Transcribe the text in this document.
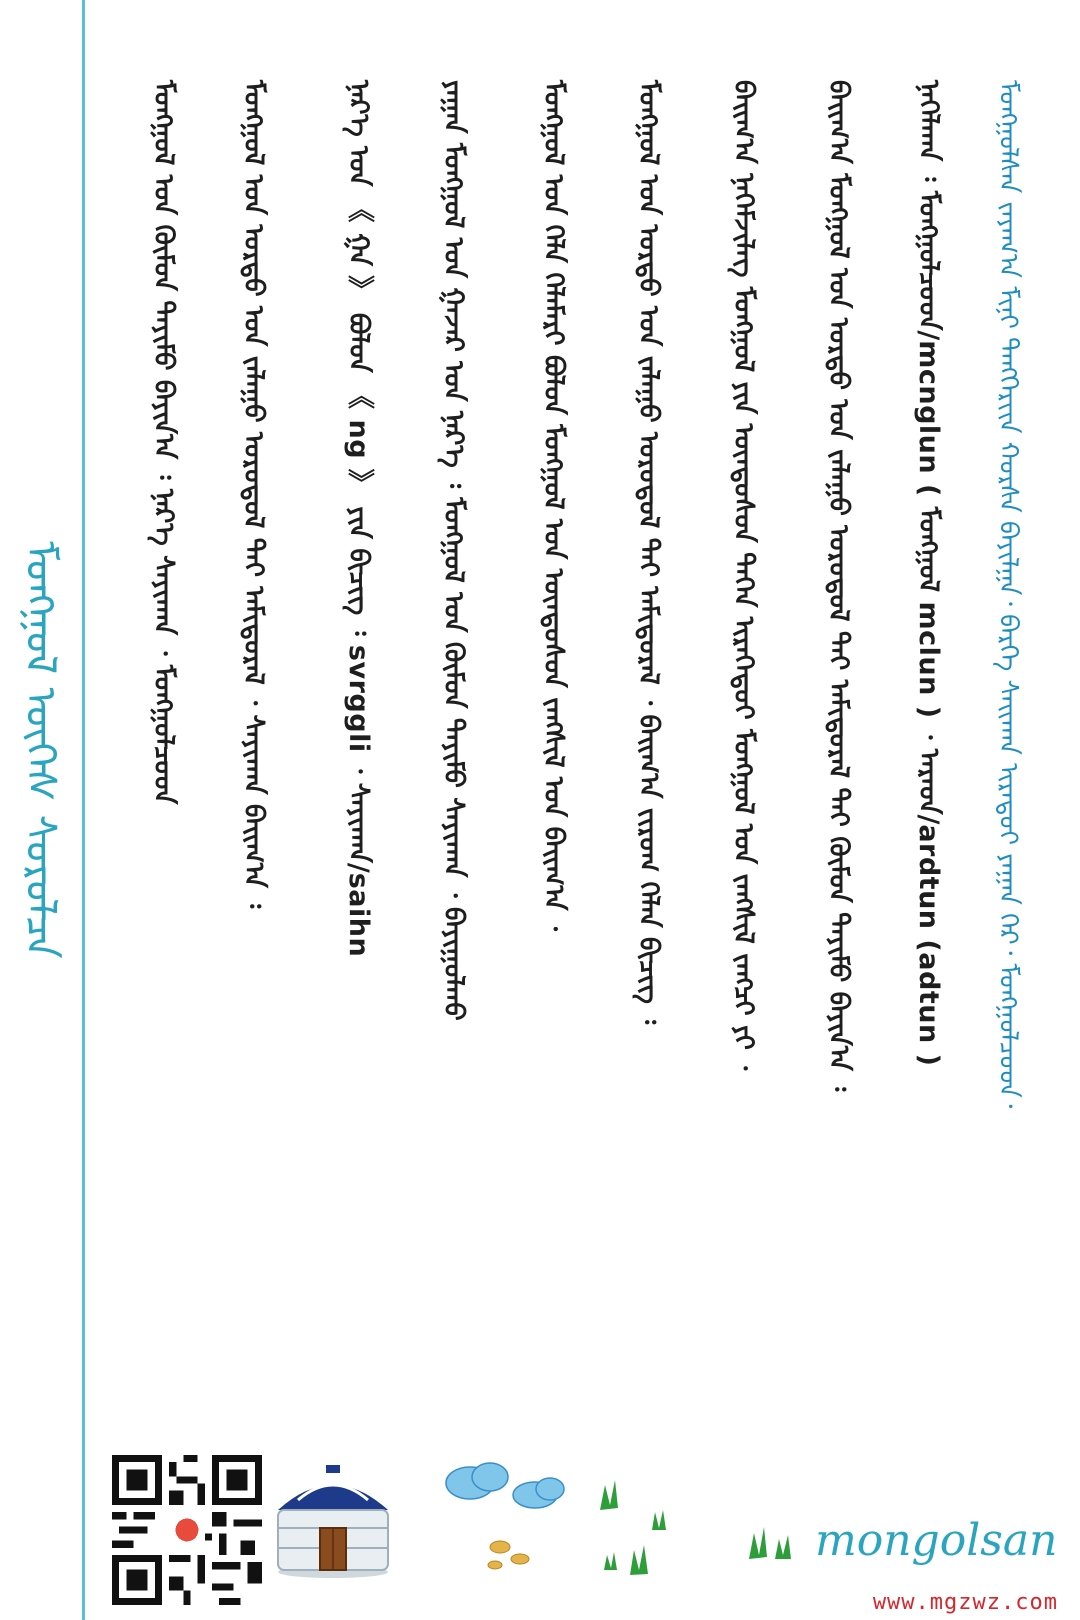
ᠮᠣᠩᠭᠣᠯ ᠦᠭᠡᠰ ᠰᠤᠷᠤᠯᠴᠠ	ᠨᠡᠬᠡᠯᠡᠭ᠍ᠡ ᠄ ᠮᠣᠩᠭᠤᠯᠴᠤᠳ/mcnglun ( ᠮᠣᠩᠭᠣᠯ mclun ) ᠂ ᠠᠷᠠᠳ/ardtun (adtun )	ᠮᠤᠩᠭᠤᠯᠰᠠᠨ ᠵᠠᠶᠠᠭ᠎ᠠ ᠮᠢᠨᠢ ᠲᠡᠩᠭᠡᠷᠢᠢᠨ ᠬᠤᠷᠰᠠ ᠪᠠᠶᠢᠯᠭᠠ᠂ ᠪᠡᠷᠬᠡ ᠰᠠᠢᠬᠠᠨ ᠢᠷᠡᠳᠦᠢ ᠶᠠᠭᠠᠨ ᠭᠡᠷ᠂ ᠮᠤᠩᠭᠤᠯᠴᠤᠳ᠂
ᠪᠠᠢᠭ᠎ᠠ ᠮᠣᠩᠭᠣᠯ ᠤᠨ ᠤᠷᠳᠤ ᠤᠨ ᠵᠠᠯᠠᠭᠤ ᠤᠷᠤᠳᠤᠯ ᠲᠠᠢ ᠠᠮᠢᠳᠤᠷᠠᠯ ᠲᠠᠢ ᠬᠦᠮᠦᠨ ᠲᠡᠶᠢᠮᠦ ᠪᠠᠶᠢᠨ᠎ᠠ ᠄
ᠪᠠᠢᠭ᠎ᠠ ᠨᠡᠬᠡᠮᠵᠢᠯᠡᠭ ᠮᠣᠩᠭᠣᠯ ᠶᠢᠨ ᠦᠨᠳᠦᠰᠦᠨ ᠳᠡᠭᠡᠨ ᠢᠷᠡᠭᠡᠳᠦᠢ ᠮᠣᠩᠭᠣᠯ ᠤᠨ ᠵᠠᠩᠰᠢᠯ ᠵᠠᠩᠴᠢ ᠶᠢ ᠂
ᠮᠣᠩᠭᠣᠯ ᠤᠨ ᠤᠷᠳᠤ ᠤᠨ ᠵᠠᠯᠠᠭᠤ ᠤᠷᠤᠳᠤᠯ ᠲᠠᠢ ᠠᠮᠢᠳᠤᠷᠠᠯ ᠂ ᠪᠠᠢᠭ᠎ᠠ ᠵᠢᠷᠤᠭ ᠬᠡᠯᠡᠨ ᠪᠢᠴᠢᠭ ᠄
ᠮᠣᠩᠭᠣᠯ ᠤᠨ ᠬᠡᠯᠡ ᠬᠡᠯᠡᠮᠡᠷᠢ ᠪᠤᠯᠤᠨ ᠮᠣᠩᠭᠣᠯ ᠤᠨ ᠦᠨᠳᠦᠰᠦᠨ ᠵᠠᠩᠰᠢᠯ ᠤᠨ ᠪᠠᠢᠭ᠎ᠠ ᠂
ᠶᠠᠭᠠᠨ ᠮᠣᠩᠭᠣᠯ ᠤᠨ ᠭᠠᠵᠠᠷ ᠤᠨ ᠨᠡᠷ᠎ᠡ ᠄ ᠮᠣᠩᠭᠣᠯ ᠤᠨ ᠬᠦᠮᠦᠨ ᠲᠡᠶᠢᠮᠦ ᠰᠠᠶᠢᠬᠠᠨ ᠂ ᠪᠠᠶᠢᠭᠤᠯᠬᠤ
ᠨᠡᠷ᠎ᠡ ᠤᠨ 《 ᠭᠠ 》 ᠪᠣᠯᠤᠨ 《 ng 》 ᠶᠢᠨ ᠪᠢᠴᠢᠭ ᠄ svrggli ᠂ ᠰᠠᠶᠢᠬᠠᠨ/saihn
ᠮᠣᠩᠭᠣᠯ ᠤᠨ ᠤᠷᠳᠤ ᠤᠨ ᠵᠠᠯᠠᠭᠤ ᠤᠷᠤᠳᠤᠯ ᠲᠠᠢ ᠠᠮᠢᠳᠤᠷᠠᠯ ᠂ ᠰᠠᠶᠢᠬᠠᠨ ᠪᠠᠢᠭ᠎ᠠ ᠄
ᠮᠣᠩᠭᠣᠯ ᠤᠨ ᠬᠦᠮᠦᠨ ᠲᠡᠶᠢᠮᠦ ᠪᠠᠶᠢᠨ᠎ᠠ ᠄ ᠨᠡᠷ᠎ᠡ ᠰᠠᠶᠢᠬᠠᠨ ᠂ ᠮᠣᠩᠭᠣᠯᠴᠤᠳ
mongolsan
www.mgzwz.com
